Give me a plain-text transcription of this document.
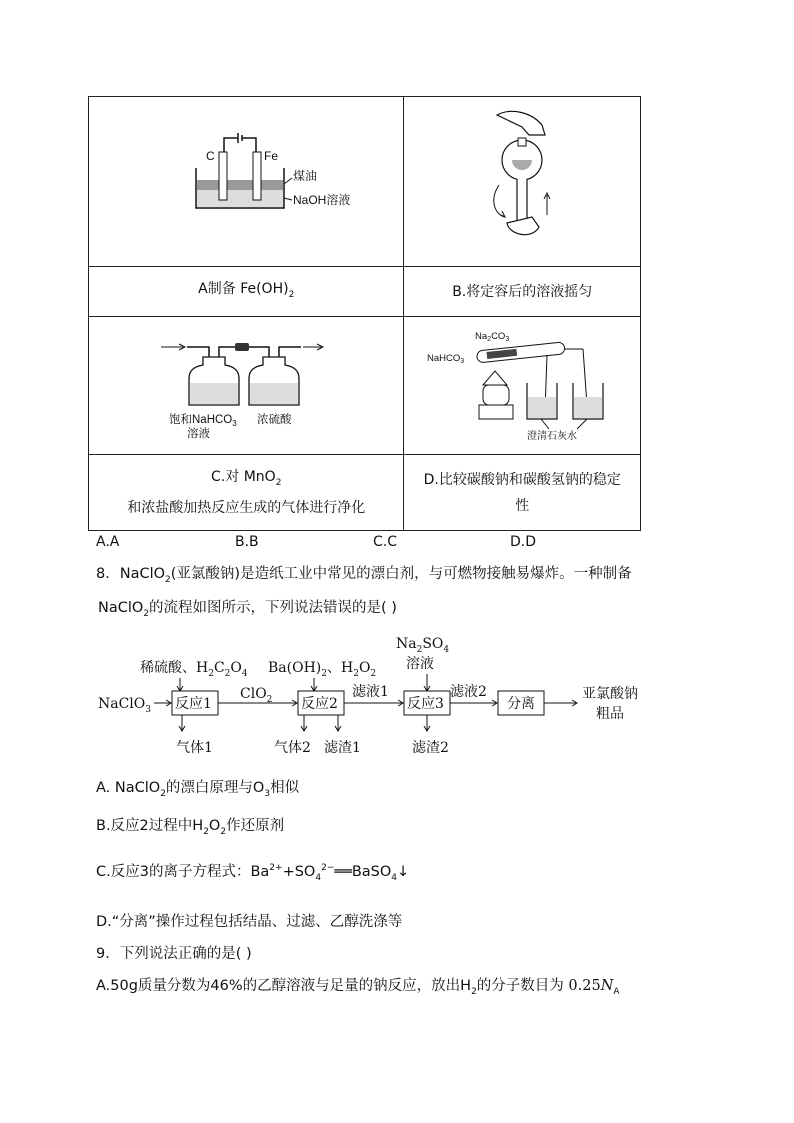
C Fe
煤油
NaOH溶液

A制备 $Fe(OH)_2$	B.将定容后的溶液摇匀

饱和NaHCO$_3$
溶液
浓硫酸	$Na_2CO_3$
NaHCO$_3$
澄清石灰水

C.对 MnO$_2$
和浓盐酸加热反应生成的气体进行净化	D.比较碳酸钠和碳酸氢钠的稳定性
A.A	B.B	C.C	D.D
8．NaClO$_2$(亚氯酸钠)是造纸工业中常见的漂白剂，与可燃物接触易爆炸。一种制备
NaClO$_2$的流程如图所示，下列说法错误的是( )
稀硫酸、$H_2C_2O_4$ $Ba(OH)_2$、$H_2O_2$
$Na_2SO_4$
溶液
NaClO$_3$ 反应1
ClO$_2$ 反应2
滤液1
反应3
滤液2
分离
亚氯酸钠
粗品
气体1	气体2 滤渣1	滤渣2
A. NaClO$_2$的漂白原理与$O_3$相似
B.反应2过程中$H_2O_2$作还原剂
C.反应3的离子方程式：$Ba^{2+}+SO_4^{2-}══BaSO_4↓$
D.“分离”操作过程包括结晶、过滤、乙醇洗涤等
9．下列说法正确的是( )
A.50g质量分数为46%的乙醇溶液与足量的钠反应，放出$H_2$的分子数目为 $0.25N_A$
